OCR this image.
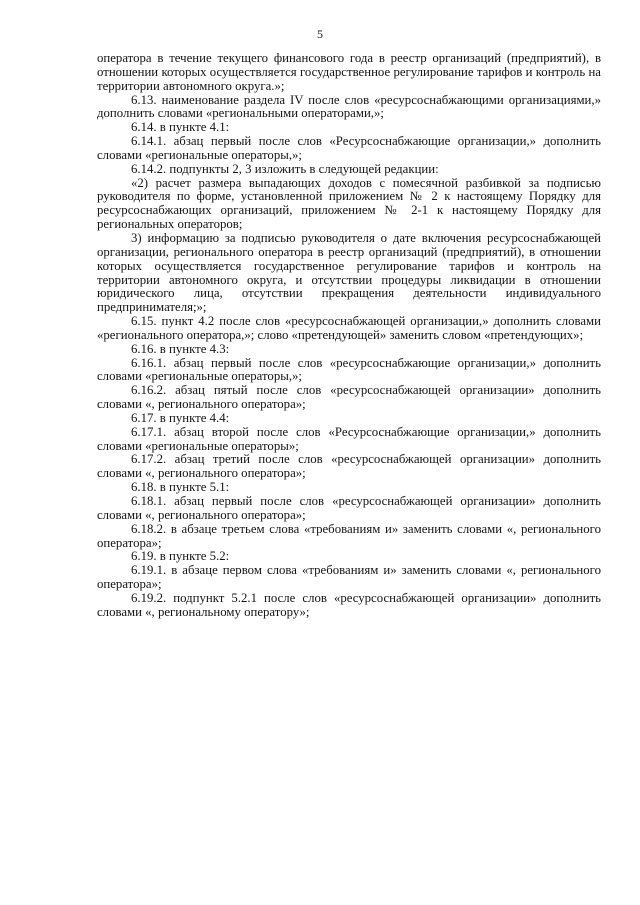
5

оператора в течение текущего финансового года в реестр организаций (предприятий), в отношении которых осуществляется государственное регулирование тарифов и контроль на территории автономного округа.»;

6.13. наименование раздела IV после слов «ресурсоснабжающими организациями,» дополнить словами «региональными операторами,»;

6.14. в пункте 4.1:

6.14.1. абзац первый после слов «Ресурсоснабжающие организации,» дополнить словами «региональные операторы,»;

6.14.2. подпункты 2, 3 изложить в следующей редакции:

«2) расчет размера выпадающих доходов с помесячной разбивкой за подписью руководителя по форме, установленной приложением № 2 к настоящему Порядку для ресурсоснабжающих организаций, приложением № 2-1 к настоящему Порядку для региональных операторов;

3) информацию за подписью руководителя о дате включения ресурсоснабжающей организации, регионального оператора в реестр организаций (предприятий), в отношении которых осуществляется государственное регулирование тарифов и контроль на территории автономного округа, и отсутствии процедуры ликвидации в отношении юридического лица, отсутствии прекращения деятельности индивидуального предпринимателя;»;

6.15. пункт 4.2 после слов «ресурсоснабжающей организации,» дополнить словами «регионального оператора,»; слово «претендующей» заменить словом «претендующих»;

6.16. в пункте 4.3:

6.16.1. абзац первый после слов «ресурсоснабжающие организации,» дополнить словами «региональные операторы,»;

6.16.2. абзац пятый после слов «ресурсоснабжающей организации» дополнить словами «, регионального оператора»;

6.17. в пункте 4.4:

6.17.1. абзац второй после слов «Ресурсоснабжающие организации,» дополнить словами «региональные операторы»;

6.17.2. абзац третий после слов «ресурсоснабжающей организации» дополнить словами «, регионального оператора»;

6.18. в пункте 5.1:

6.18.1. абзац первый после слов «ресурсоснабжающей организации» дополнить словами «, регионального оператора»;

6.18.2. в абзаце третьем слова «требованиям и» заменить словами «, регионального оператора»;

6.19. в пункте 5.2:

6.19.1. в абзаце первом слова «требованиям и» заменить словами «, регионального оператора»;

6.19.2. подпункт 5.2.1 после слов «ресурсоснабжающей организации» дополнить словами «, региональному оператору»;
